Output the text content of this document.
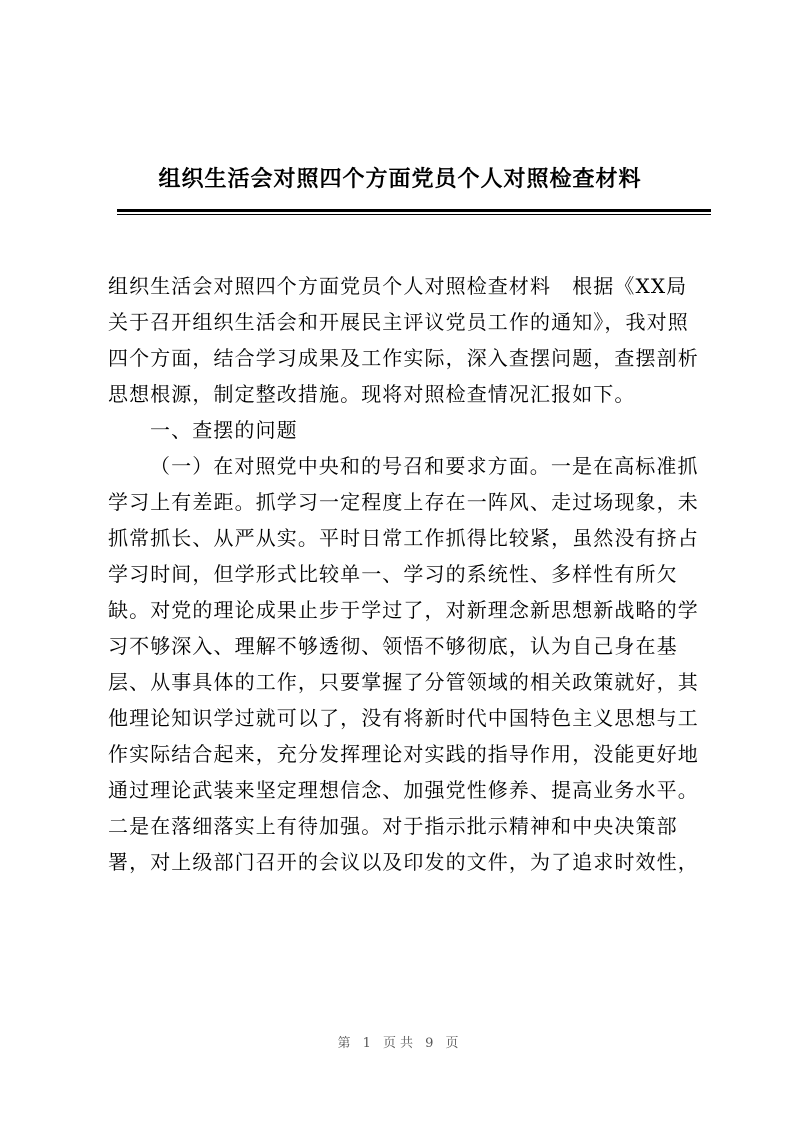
组织生活会对照四个方面党员个人对照检查材料
组织生活会对照四个方面党员个人对照检查材料　根据《XX局
关于召开组织生活会和开展民主评议党员工作的通知》，我对照
四个方面，结合学习成果及工作实际，深入查摆问题，查摆剖析
思想根源，制定整改措施。现将对照检查情况汇报如下。
一、查摆的问题
（一）在对照党中央和的号召和要求方面。一是在高标准抓
学习上有差距。抓学习一定程度上存在一阵风、走过场现象，未
抓常抓长、从严从实。平时日常工作抓得比较紧，虽然没有挤占
学习时间，但学形式比较单一、学习的系统性、多样性有所欠
缺。对党的理论成果止步于学过了，对新理念新思想新战略的学
习不够深入、理解不够透彻、领悟不够彻底，认为自己身在基
层、从事具体的工作，只要掌握了分管领域的相关政策就好，其
他理论知识学过就可以了，没有将新时代中国特色主义思想与工
作实际结合起来，充分发挥理论对实践的指导作用，没能更好地
通过理论武装来坚定理想信念、加强党性修养、提高业务水平。
二是在落细落实上有待加强。对于指示批示精神和中央决策部
署，对上级部门召开的会议以及印发的文件，为了追求时效性，
第 1 页共 9 页
